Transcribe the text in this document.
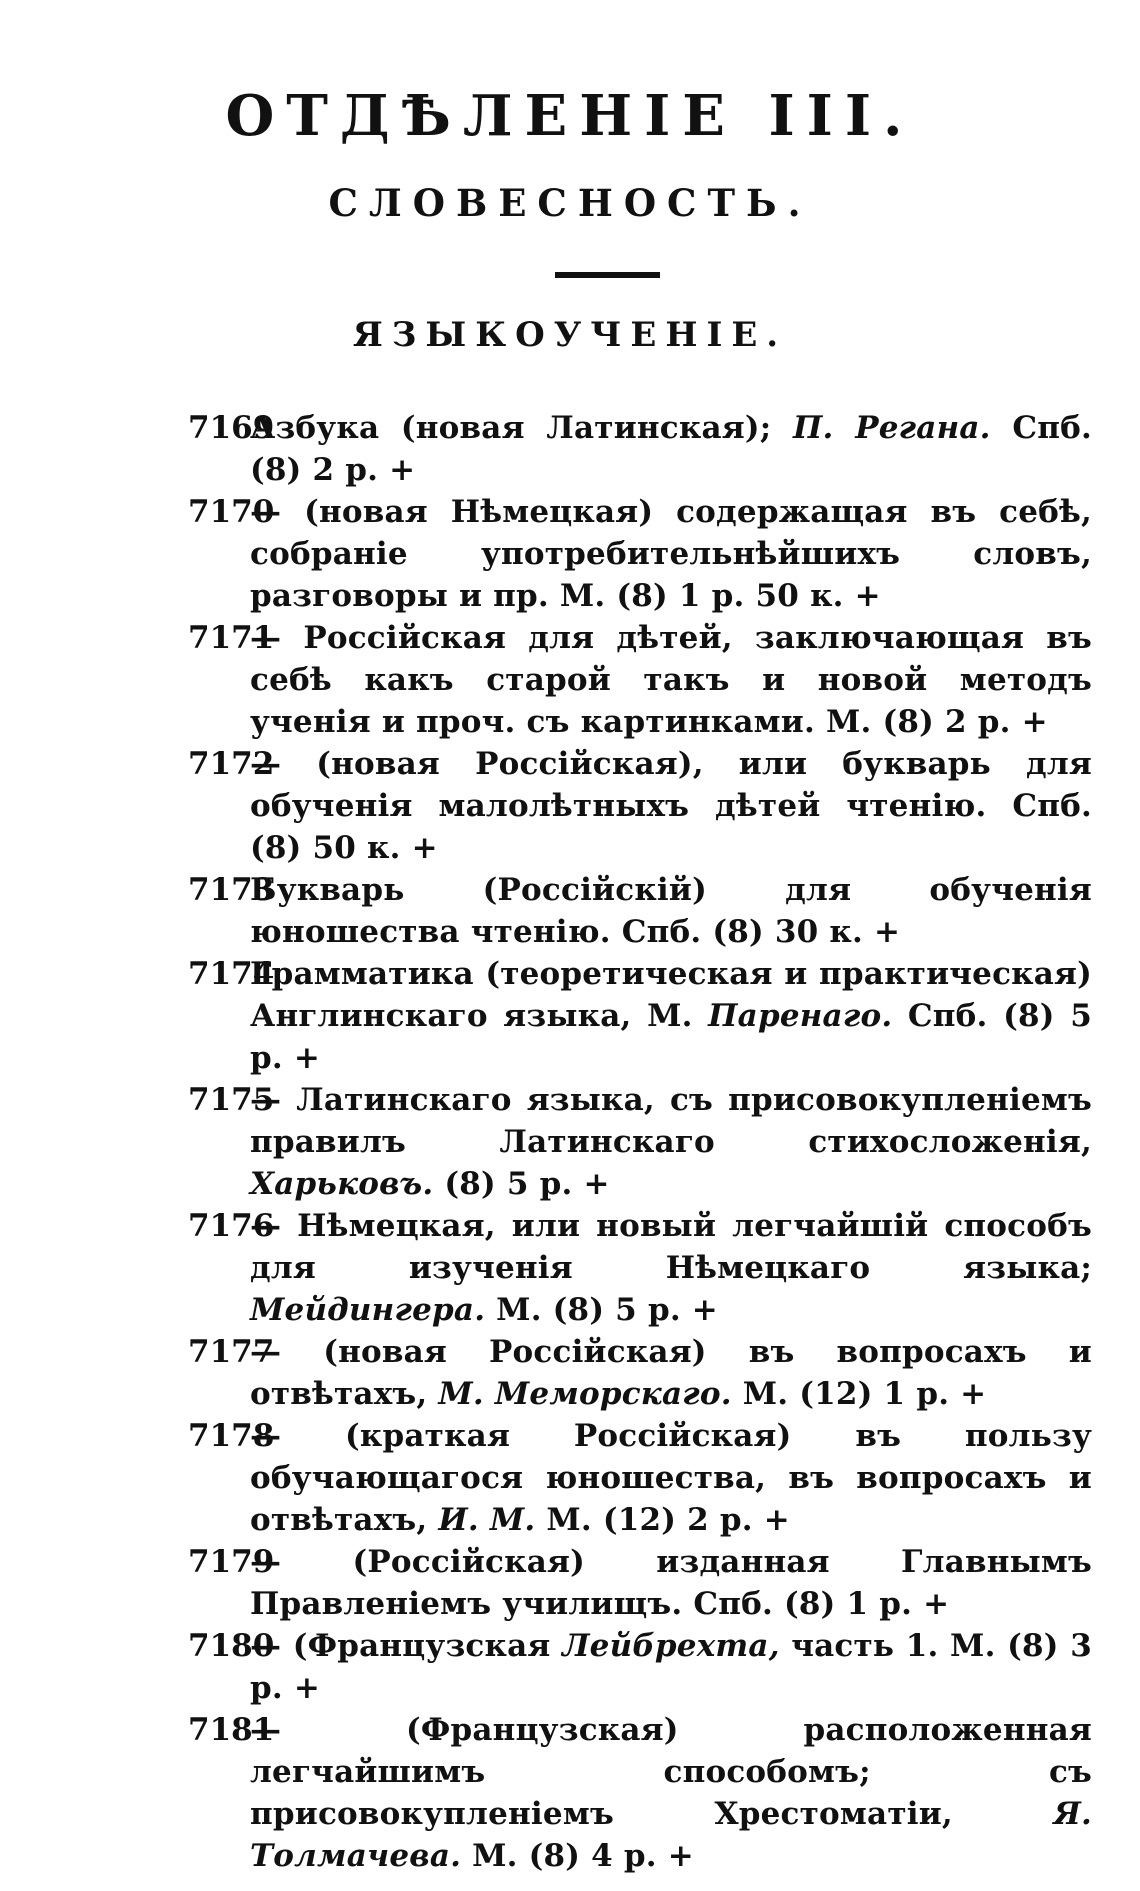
ОТДѢЛЕНIЕ III.
СЛОВЕСНОСТЬ.
ЯЗЫКОУЧЕНIЕ.

7169
Азбука (новая Латинская); П. Регана. Спб. (8) 2 р. +

7170
— (новая Нѣмецкая) содержащая въ себѣ, собранiе употребительнѣйшихъ словъ, разговоры и пр. М. (8) 1 р. 50 к. +

7171
— Россiйская для дѣтей, заключающая въ себѣ какъ старой такъ и новой методъ ученiя и проч. съ картинками. М. (8) 2 р. +

7172
— (новая Россiйская), или букварь для обученiя малолѣтныхъ дѣтей чтенiю. Спб. (8) 50 к. +

7173
Букварь (Россiйскiй) для обученiя юношества чтенiю. Спб. (8) 30 к. +

7174
Грамматика (теоретическая и практическая) Англинскаго языка, М. Паренаго. Спб. (8) 5 р. +

7175
— Латинскаго языка, съ присовокупленiемъ правилъ Латинскаго стихосложенiя, Харьковъ. (8) 5 р. +

7176
— Нѣмецкая, или новый легчайшiй способъ для изученiя Нѣмецкаго языка; Мейдингера. М. (8) 5 р. +

7177
— (новая Россiйская) въ вопросахъ и отвѣтахъ, М. Меморскаго. М. (12) 1 р. +

7178
— (краткая Россiйская) въ пользу обучающагося юношества, въ вопросахъ и отвѣтахъ, И. М. М. (12) 2 р. +

7179
— (Россiйская) изданная Главнымъ Правленiемъ училищъ. Спб. (8) 1 р. +

7180
— (Французская Лейбрехта, часть 1. М. (8) 3 р. +

7181
— (Французская) расположенная легчайшимъ способомъ; съ присовокупленiемъ Хрестоматiи, Я. Толмачева. М. (8) 4 р. +
